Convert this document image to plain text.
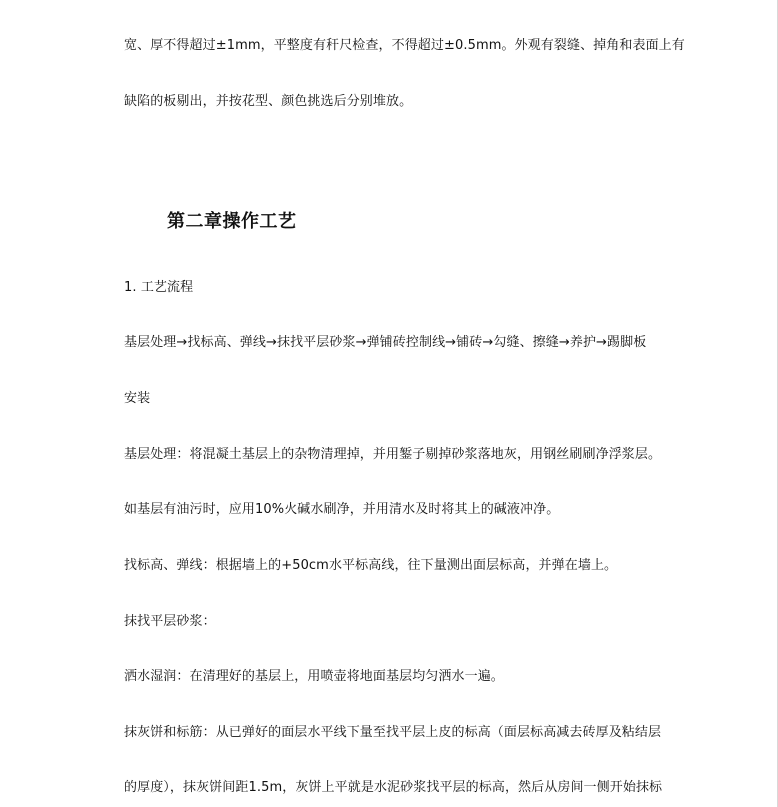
宽、厚不得超过±1mm，平整度有秆尺检查，不得超过±0.5mm。外观有裂缝、掉角和表面上有
缺陷的板剔出，并按花型、颜色挑选后分别堆放。
第二章操作工艺
1. 工艺流程
基层处理→找标高、弹线→抹找平层砂浆→弹铺砖控制线→铺砖→勾缝、擦缝→养护→踢脚板
安装
基层处理：将混凝土基层上的杂物清理掉，并用錾子剔掉砂浆落地灰，用钢丝刷刷净浮浆层。
如基层有油污时，应用10%火碱水刷净，并用清水及时将其上的碱液冲净。
找标高、弹线：根据墙上的+50cm水平标高线，往下量测出面层标高，并弹在墙上。
抹找平层砂浆：
洒水湿润：在清理好的基层上，用喷壶将地面基层均匀洒水一遍。
抹灰饼和标筋：从已弹好的面层水平线下量至找平层上皮的标高（面层标高减去砖厚及粘结层
的厚度），抹灰饼间距1.5m，灰饼上平就是水泥砂浆找平层的标高，然后从房间一侧开始抹标
